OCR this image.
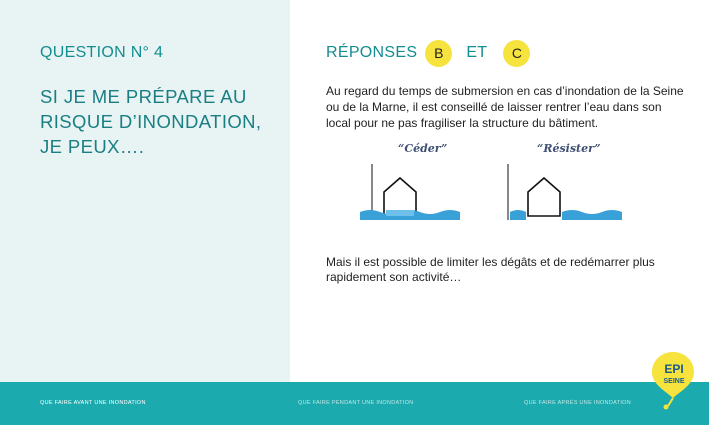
QUESTION N° 4
SI JE ME PRÉPARE AU RISQUE D’INONDATION, JE PEUX….
RÉPONSES	B	ET	C
Au regard du temps de submersion en cas d’inondation de la Seine ou de la Marne, il est conseillé de laisser rentrer l’eau dans son local pour ne pas fragiliser la structure du bâtiment.
“Céder”	“Résister”
Mais il est possible de limiter les dégâts et de redémarrer plus rapidement son activité…
QUE FAIRE AVANT UNE INONDATION	QUE FAIRE PENDANT UNE INONDATION	QUE FAIRE APRÈS UNE INONDATION
EPI
SEINE
